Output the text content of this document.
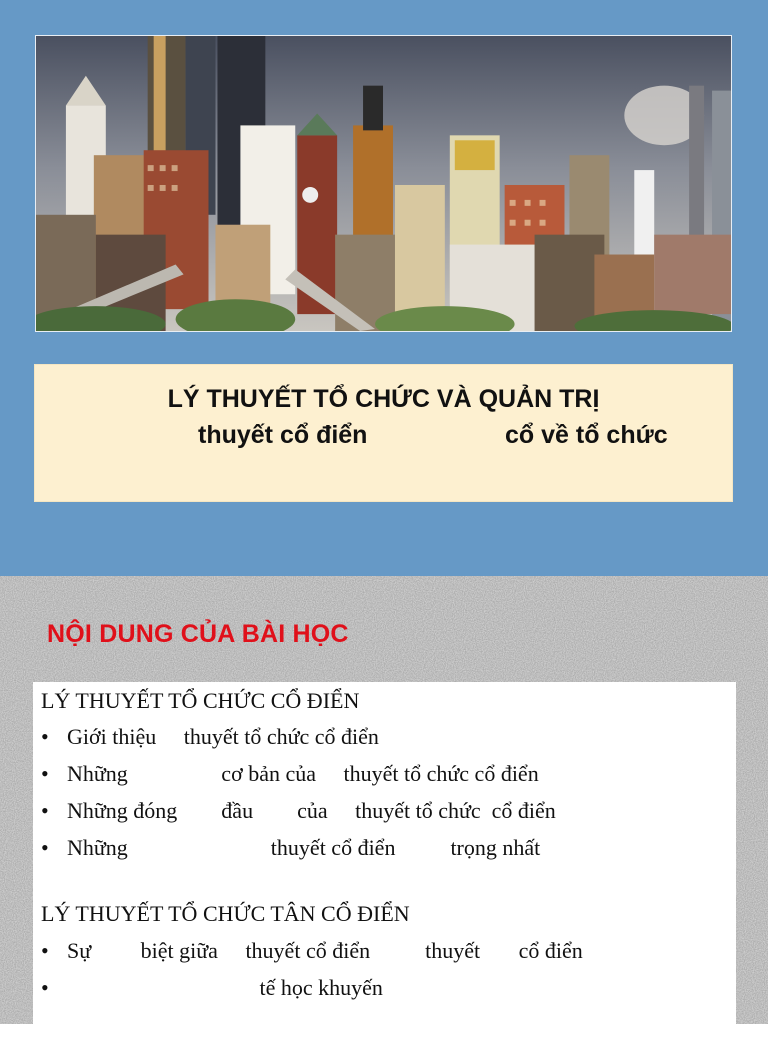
LÝ THUYẾT TỔ CHỨC VÀ QUẢN TRỊ
thuyết cổ điển	cổ về tổ chức
NỘI DUNG CỦA BÀI HỌC
LÝ THUYẾT TỔ CHỨC CỔ ĐIỂN
• Giới thiệu     thuyết tổ chức cổ điển
• Những                 cơ bản của     thuyết tổ chức cổ điển
• Những đóng        đầu        của     thuyết tổ chức  cổ điển
• Những                          thuyết cổ điển          trọng nhất
LÝ THUYẾT TỔ CHỨC TÂN CỔ ĐIỂN
• Sự         biệt giữa     thuyết cổ điển          thuyết       cổ điển
•                                   tế học khuyến
